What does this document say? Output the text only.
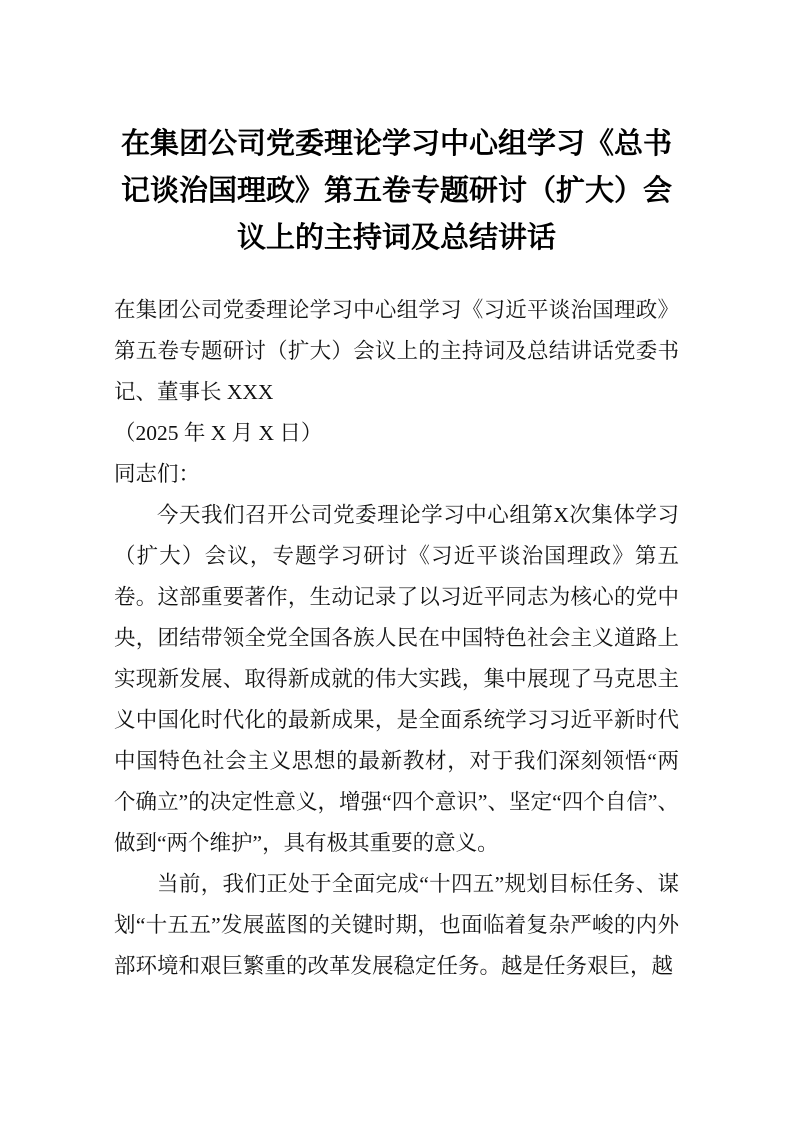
在集团公司党委理论学习中心组学习《总书记谈治国理政》第五卷专题研讨（扩大）会议上的主持词及总结讲话

在集团公司党委理论学习中心组学习《习近平谈治国理政》第五卷专题研讨（扩大）会议上的主持词及总结讲话党委书记、董事长 XXX

（2025 年 X 月 X 日）

同志们：

今天我们召开公司党委理论学习中心组第X次集体学习（扩大）会议，专题学习研讨《习近平谈治国理政》第五卷。这部重要著作，生动记录了以习近平同志为核心的党中央，团结带领全党全国各族人民在中国特色社会主义道路上实现新发展、取得新成就的伟大实践，集中展现了马克思主义中国化时代化的最新成果，是全面系统学习习近平新时代中国特色社会主义思想的最新教材，对于我们深刻领悟“两个确立”的决定性意义，增强“四个意识”、坚定“四个自信”、做到“两个维护”，具有极其重要的意义。

当前，我们正处于全面完成“十四五”规划目标任务、谋划“十五五”发展蓝图的关键时期，也面临着复杂严峻的内外部环境和艰巨繁重的改革发展稳定任务。越是任务艰巨，越
